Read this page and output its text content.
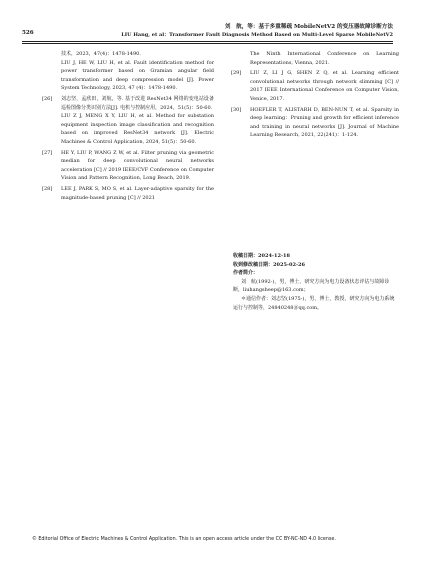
刘　航，等：基于多重稀疏 MobileNetV2 的变压器故障诊断方法
526	LIU Hang, et al：Transformer Fault Diagnosis Method Based on Multi-Level Sparse MobileNetV2
技术，2023，47(4)：1478-1490.
LIU J, HE W, LIU H, et al. Fault identification method for power transformer based on Gramian angular field transformation and deep compression model [J]. Power System Technology, 2023, 47 (4)：1478-1490.
[26] 刘志坚，孟欣田，刘航，等. 基于改进 ResNet34 网络的变电站设备巡检图像分类识别方法[J]. 电机与控制应用，2024，51(5)：50-60.
LIU Z J, MENG X Y, LIU H, et al. Method for substation equipment inspection image classification and recognition based on improved ResNet34 network [J]. Electric Machines & Control Application, 2024, 51(5)：50-60.
[27] HE Y, LIU P, WANG Z W, et al. Filter pruning via geometric median for deep convolutional neural networks acceleration [C] // 2019 IEEE/CVF Conference on Computer Vision and Pattern Recognition, Long Beach, 2019.
[28] LEE J, PARK S, MO S, et al. Layer-adaptive sparsity for the magnitude-based pruning [C] // 2021
The Ninth International Conference on Learning Representations, Vienna, 2021.
[29] LIU Z, LI J G, SHEN Z Q, et al. Learning efficient convolutional networks through network slimming [C] // 2017 IEEE International Conference on Computer Vision, Venice, 2017.
[30] HOEFLER T, ALISTARH D, BEN-NUN T, et al. Sparsity in deep learning：Pruning and growth for efficient inference and training in neural networks [J]. Journal of Machine Learning Research, 2021, 22(241)：1-124.

收稿日期：2024-12-18

收到修改稿日期：2025-02-26

作者简介：

刘　航(1992-)，男，博士，研究方向为电力设备状态评估与故障诊断，liuhangsheep@163.com；

＊通信作者：刘志坚(1975-)，男，博士，教授，研究方向为电力系统运行与控制等，24840248＠qq.com。

© Editorial Office of Electric Machines & Control Application. This is an open access article under the CC BY-NC-ND 4.0 license.
